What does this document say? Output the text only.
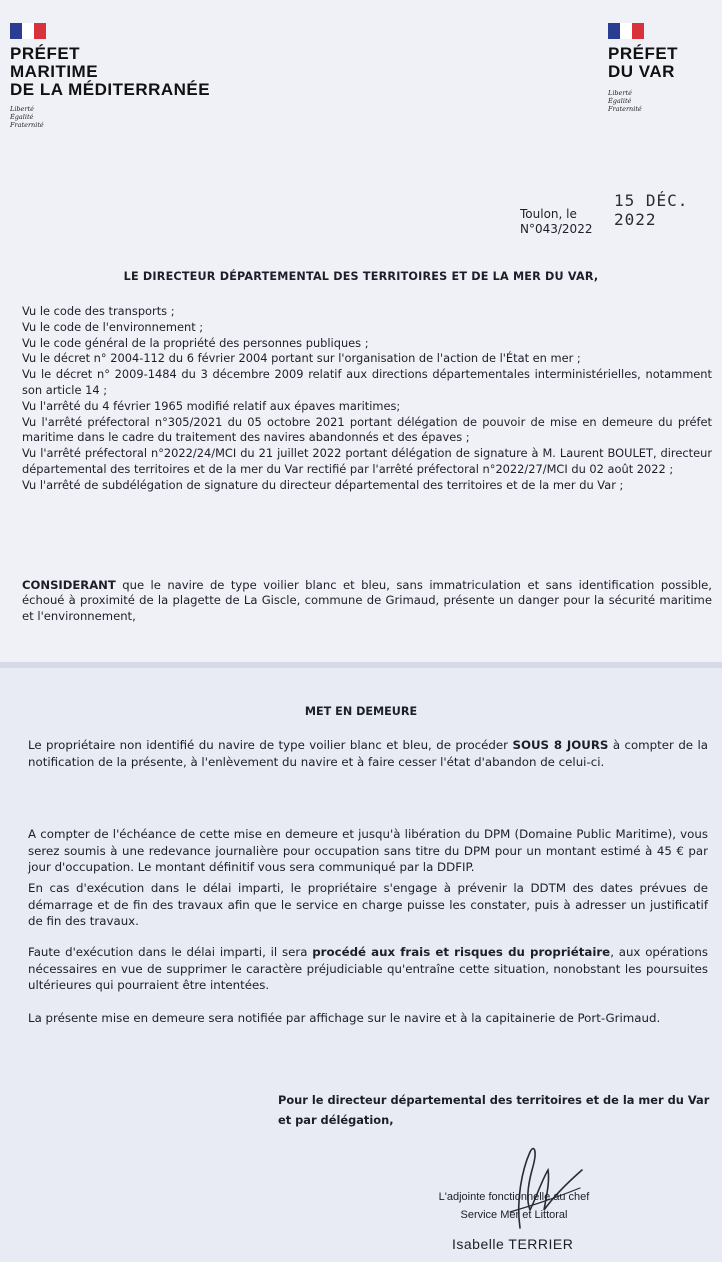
PRÉFET
MARITIME
DE LA MÉDITERRANÉE
Liberté
Égalité
Fraternité
PRÉFET
DU VAR
Liberté
Égalité
Fraternité
Toulon, le
15 DÉC. 2022
N°043/2022
LE DIRECTEUR DÉPARTEMENTAL DES TERRITOIRES ET DE LA MER DU VAR,
Vu le code des transports ;
Vu le code de l'environnement ;
Vu le code général de la propriété des personnes publiques ;
Vu le décret n° 2004-112 du 6 février 2004 portant sur l'organisation de l'action de l'État en mer ;
Vu le décret n° 2009-1484 du 3 décembre 2009 relatif aux directions départementales interministérielles, notamment son article 14 ;
Vu l'arrêté du 4 février 1965 modifié relatif aux épaves maritimes;
Vu l'arrêté préfectoral n°305/2021 du 05 octobre 2021 portant délégation de pouvoir de mise en demeure du préfet maritime dans le cadre du traitement des navires abandonnés et des épaves ;
Vu l'arrêté préfectoral n°2022/24/MCI du 21 juillet 2022 portant délégation de signature à M. Laurent BOULET, directeur départemental des territoires et de la mer du Var rectifié par l'arrêté préfectoral n°2022/27/MCI du 02 août 2022 ;
Vu l'arrêté de subdélégation de signature du directeur départemental des territoires et de la mer du Var ;
CONSIDERANT que le navire de type voilier blanc et bleu, sans immatriculation et sans identification possible, échoué à proximité de la plagette de La Giscle, commune de Grimaud, présente un danger pour la sécurité maritime et l'environnement,
MET EN DEMEURE
Le propriétaire non identifié du navire de type voilier blanc et bleu, de procéder SOUS 8 JOURS à compter de la notification de la présente, à l'enlèvement du navire et à faire cesser l'état d'abandon de celui-ci.
A compter de l'échéance de cette mise en demeure et jusqu'à libération du DPM (Domaine Public Maritime), vous serez soumis à une redevance journalière pour occupation sans titre du DPM pour un montant estimé à 45 € par jour d'occupation. Le montant définitif vous sera communiqué par la DDFIP.
En cas d'exécution dans le délai imparti, le propriétaire s'engage à prévenir la DDTM des dates prévues de démarrage et de fin des travaux afin que le service en charge puisse les constater, puis à adresser un justificatif de fin des travaux.
Faute d'exécution dans le délai imparti, il sera procédé aux frais et risques du propriétaire, aux opérations nécessaires en vue de supprimer le caractère préjudiciable qu'entraîne cette situation, nonobstant les poursuites ultérieures qui pourraient être intentées.
La présente mise en demeure sera notifiée par affichage sur le navire et à la capitainerie de Port-Grimaud.
Pour le directeur départemental des territoires et de la mer du Var
et par délégation,
L'adjointe fonctionnelle au chef
Service Mer et Littoral
Isabelle TERRIER
